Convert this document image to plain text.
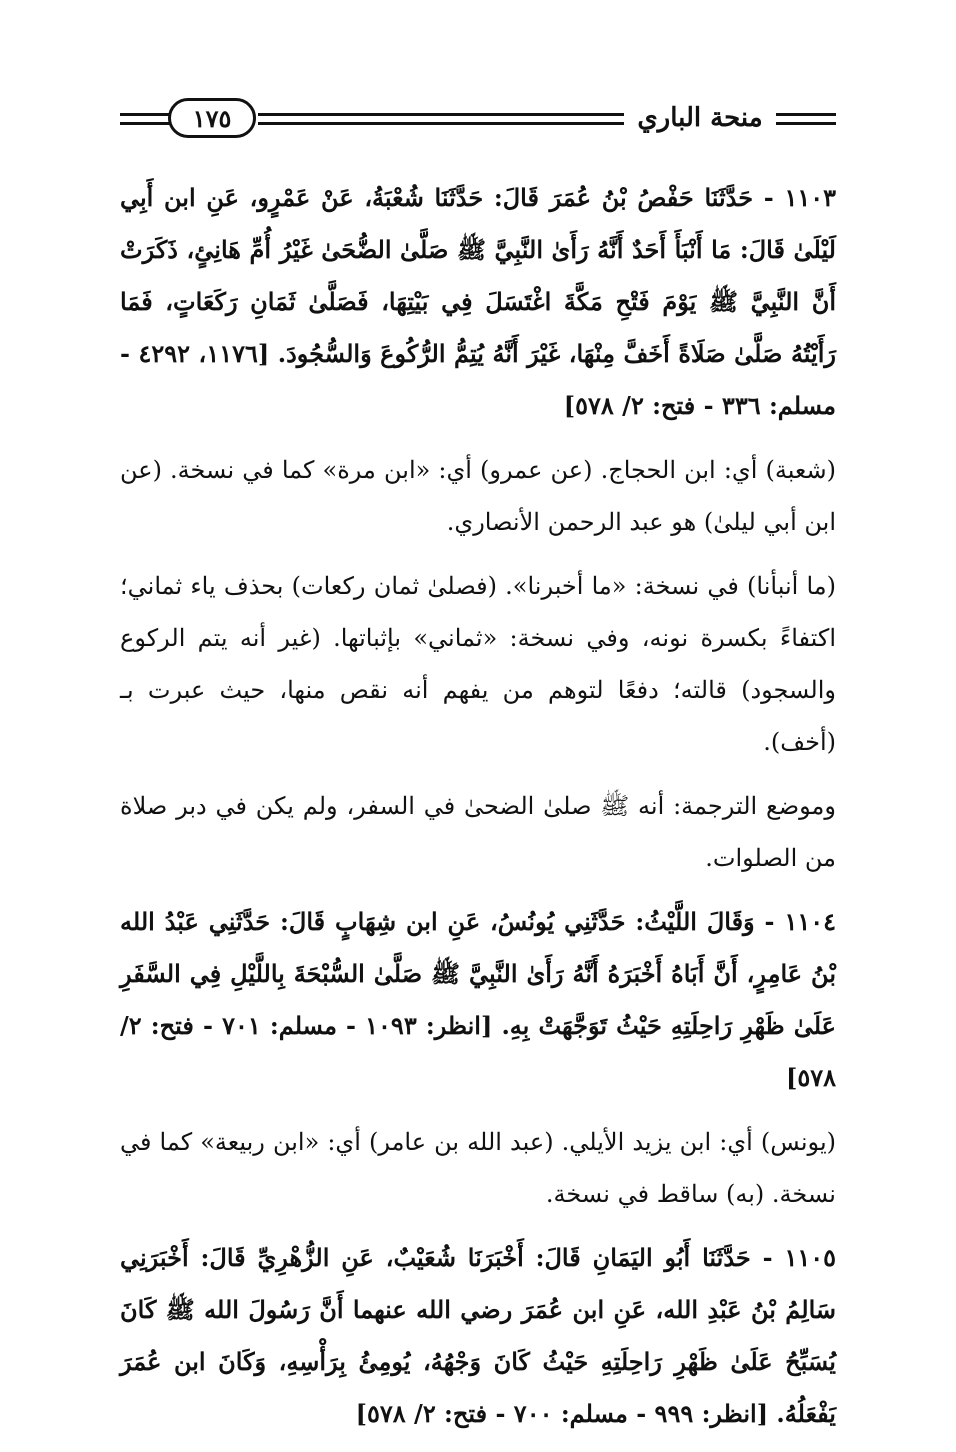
١٧٥	منحة الباري

١١٠٣ - حَدَّثَنَا حَفْصُ بْنُ عُمَرَ قَالَ: حَدَّثَنَا شُعْبَةُ، عَنْ عَمْرٍو، عَنِ ابن أَبِي لَيْلَىٰ قَالَ: مَا أَنْبَأَ أَحَدٌ أَنَّهُ رَأَىٰ النَّبِيَّ ﷺ صَلَّىٰ الضُّحَىٰ غَيْرُ أُمِّ هَانِئٍ، ذَكَرَتْ أَنَّ النَّبِيَّ ﷺ يَوْمَ فَتْحِ مَكَّةَ اغْتَسَلَ فِي بَيْتِهَا، فَصَلَّىٰ ثَمَانِ رَكَعَاتٍ، فَمَا رَأَيْتُهُ صَلَّىٰ صَلَاةً أَخَفَّ مِنْهَا، غَيْرَ أَنَّهُ يُتِمُّ الرُّكُوعَ وَالسُّجُودَ. [١١٧٦، ٤٢٩٢ - مسلم: ٣٣٦ - فتح: ٢/ ٥٧٨]

(شعبة) أي: ابن الحجاج. (عن عمرو) أي: «ابن مرة» كما في نسخة. (عن ابن أبي ليلىٰ) هو عبد الرحمن الأنصاري.

(ما أنبأنا) في نسخة: «ما أخبرنا». (فصلىٰ ثمان ركعات) بحذف ياء ثماني؛ اكتفاءً بكسرة نونه، وفي نسخة: «ثماني» بإثباتها. (غير أنه يتم الركوع والسجود) قالته؛ دفعًا لتوهم من يفهم أنه نقص منها، حيث عبرت بـ (أخف).

وموضع الترجمة: أنه ﷺ صلىٰ الضحىٰ في السفر، ولم يكن في دبر صلاة من الصلوات.

١١٠٤ - وَقَالَ اللَّيْثُ: حَدَّثَنِي يُونُسُ، عَنِ ابن شِهَابٍ قَالَ: حَدَّثَنِي عَبْدُ الله بْنُ عَامِرٍ، أَنَّ أَبَاهُ أَخْبَرَهُ أَنَّهُ رَأَىٰ النَّبِيَّ ﷺ صَلَّىٰ السُّبْحَةَ بِاللَّيْلِ فِي السَّفَرِ عَلَىٰ ظَهْرِ رَاحِلَتِهِ حَيْثُ تَوَجَّهَتْ بِهِ. [انظر: ١٠٩٣ - مسلم: ٧٠١ - فتح: ٢/ ٥٧٨]

(يونس) أي: ابن يزيد الأيلي. (عبد الله بن عامر) أي: «ابن ربيعة» كما في نسخة. (به) ساقط في نسخة.

١١٠٥ - حَدَّثَنَا أَبُو اليَمَانِ قَالَ: أَخْبَرَنَا شُعَيْبٌ، عَنِ الزُّهْرِيِّ قَالَ: أَخْبَرَنِي سَالِمُ بْنُ عَبْدِ الله، عَنِ ابن عُمَرَ رضي الله عنهما أَنَّ رَسُولَ الله ﷺ كَانَ يُسَبِّحُ عَلَىٰ ظَهْرِ رَاحِلَتِهِ حَيْثُ كَانَ وَجْهُهُ، يُومِئُ بِرَأْسِهِ، وَكَانَ ابن عُمَرَ يَفْعَلُهُ. [انظر: ٩٩٩ - مسلم: ٧٠٠ - فتح: ٢/ ٥٧٨]
